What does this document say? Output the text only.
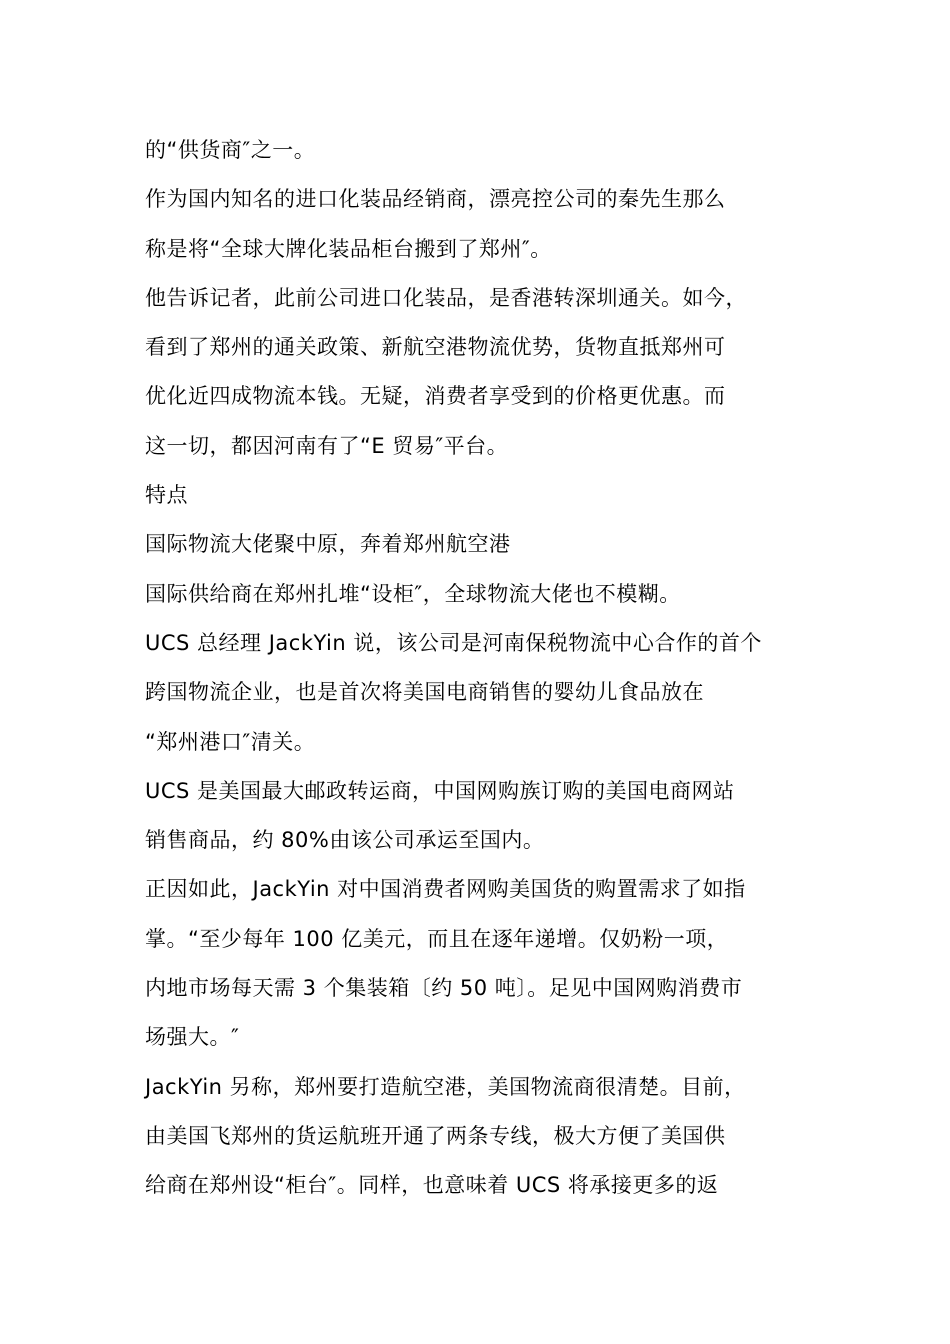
的“供货商″之一。
作为国内知名的进口化装品经销商，漂亮控公司的秦先生那么
称是将“全球大牌化装品柜台搬到了郑州″。
他告诉记者，此前公司进口化装品，是香港转深圳通关。如今，
看到了郑州的通关政策、新航空港物流优势，货物直抵郑州可
优化近四成物流本钱。无疑，消费者享受到的价格更优惠。而
这一切，都因河南有了“E 贸易″平台。
特点
国际物流大佬聚中原，奔着郑州航空港
国际供给商在郑州扎堆“设柜″，全球物流大佬也不模糊。
UCS 总经理 JackYin 说，该公司是河南保税物流中心合作的首个
跨国物流企业，也是首次将美国电商销售的婴幼儿食品放在
“郑州港口″清关。
UCS 是美国最大邮政转运商，中国网购族订购的美国电商网站
销售商品，约 80%由该公司承运至国内。
正因如此，JackYin 对中国消费者网购美国货的购置需求了如指
掌。“至少每年 100 亿美元，而且在逐年递增。仅奶粉一项，
内地市场每天需 3 个集装箱〔约 50 吨〕。足见中国网购消费市
场强大。″
JackYin 另称，郑州要打造航空港，美国物流商很清楚。目前，
由美国飞郑州的货运航班开通了两条专线，极大方便了美国供
给商在郑州设“柜台″。同样，也意味着 UCS 将承接更多的返
